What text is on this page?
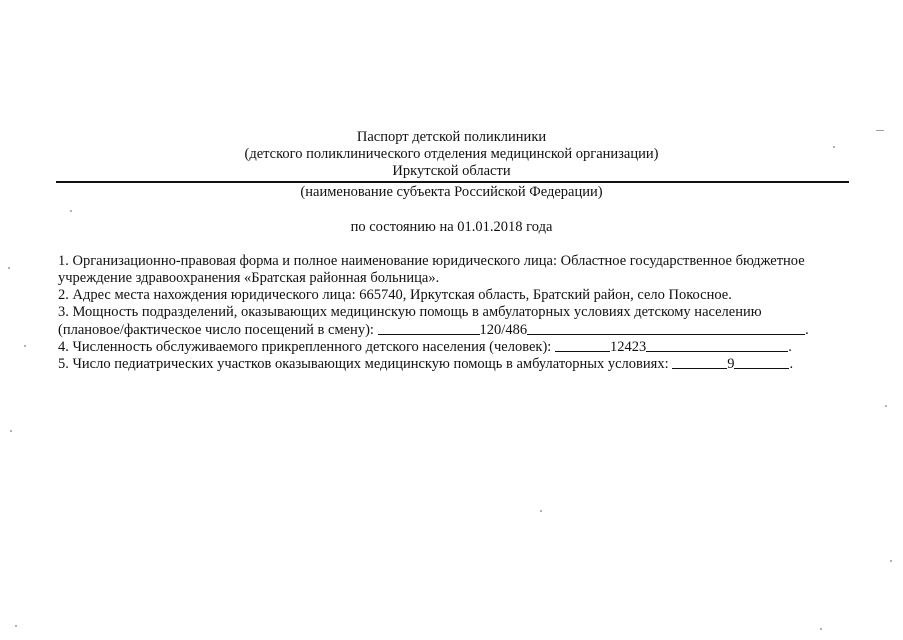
Паспорт детской поликлиники
(детского поликлинического отделения медицинской организации)
Иркутской области
(наименование субъекта Российской Федерации)
по состоянию на 01.01.2018 года
1. Организационно-правовая форма и полное наименование юридического лица: Областное государственное бюджетное
учреждение здравоохранения «Братская районная больница».
2. Адрес места нахождения юридического лица: 665740, Иркутская область, Братский район, село Покосное.
3. Мощность подразделений, оказывающих медицинскую помощь в амбулаторных условиях детскому населению
(плановое/фактическое число посещений в смену):	120/486	.
4. Численность обслуживаемого прикрепленного детского населения (человек):	12423	.
5. Число педиатрических участков оказывающих медицинскую помощь в амбулаторных условиях:	9	.
